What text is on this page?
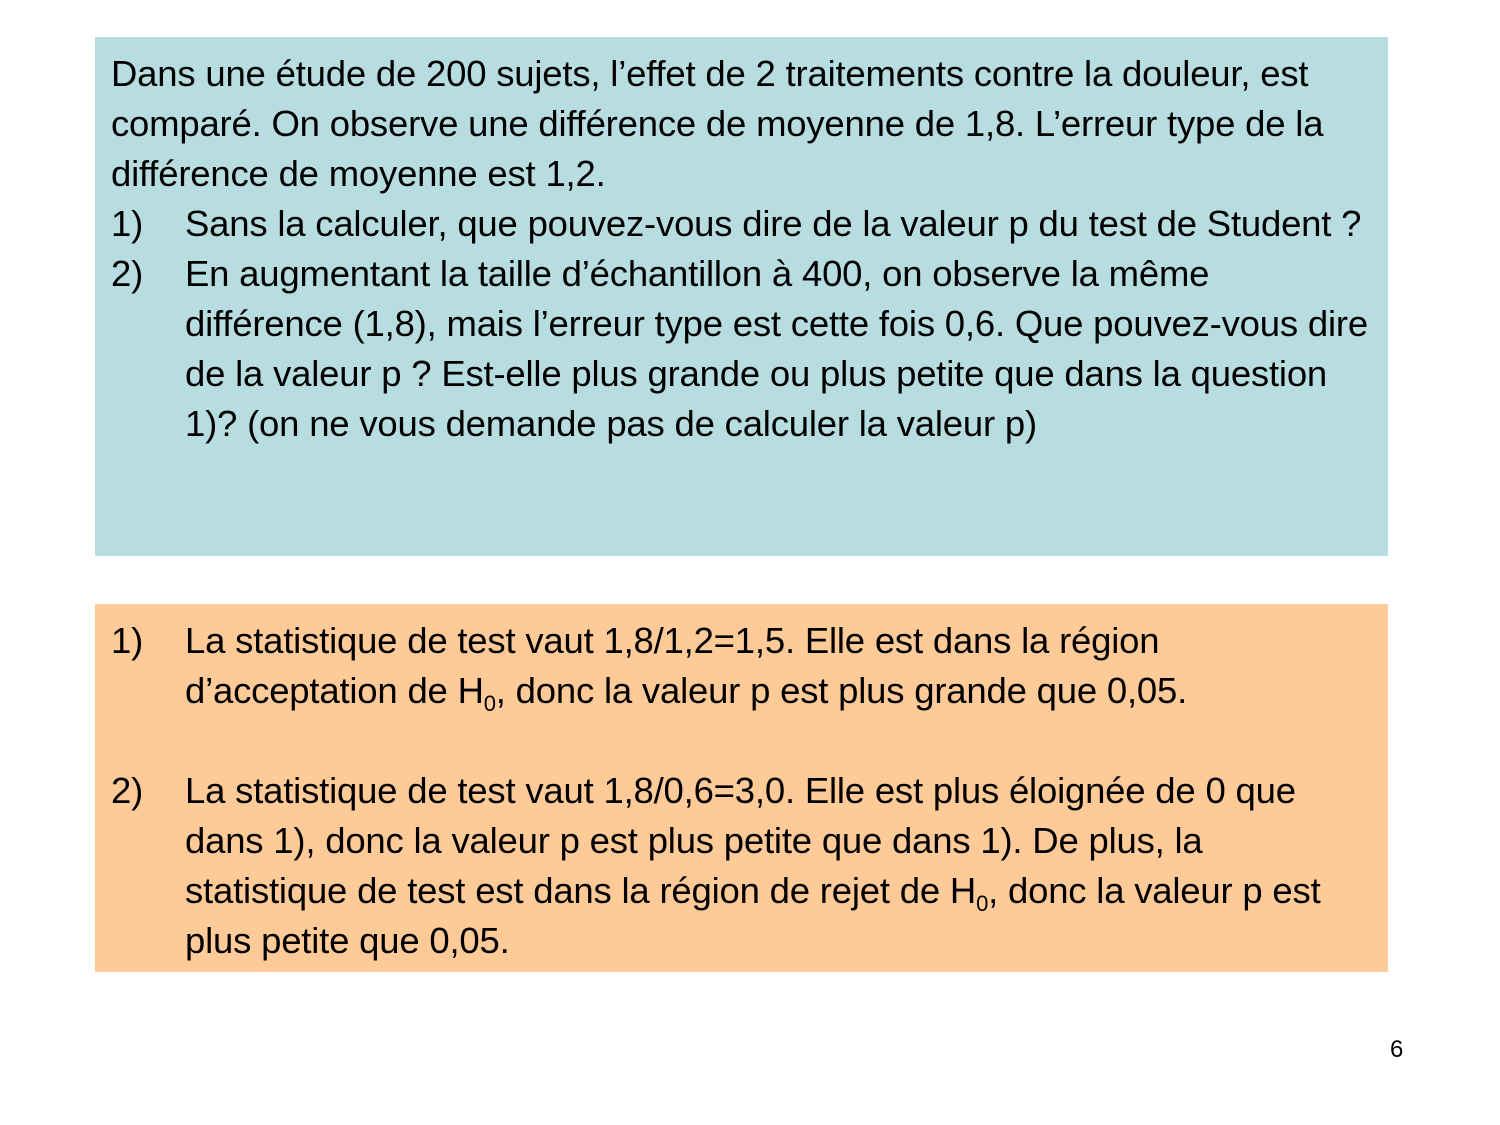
Dans une étude de 200 sujets, l’effet de 2 traitements contre la douleur, est comparé. On observe une différence de moyenne de 1,8. L’erreur type de la différence de moyenne est 1,2.
1)	Sans la calculer, que pouvez-vous dire de la valeur p du test de Student ?
2)	En augmentant la taille d’échantillon à 400, on observe la même différence (1,8), mais l’erreur type est cette fois 0,6. Que pouvez-vous dire de la valeur p ? Est-elle plus grande ou plus petite que dans la question 1)? (on ne vous demande pas de calculer la valeur p)
1)	La statistique de test vaut 1,8/1,2=1,5. Elle est dans la région d’acceptation de $H_0$, donc la valeur p est plus grande que 0,05.
2)	La statistique de test vaut 1,8/0,6=3,0. Elle est plus éloignée de 0 que dans 1), donc la valeur p est plus petite que dans 1). De plus, la statistique de test est dans la région de rejet de $H_0$, donc la valeur p est plus petite que 0,05.
6
